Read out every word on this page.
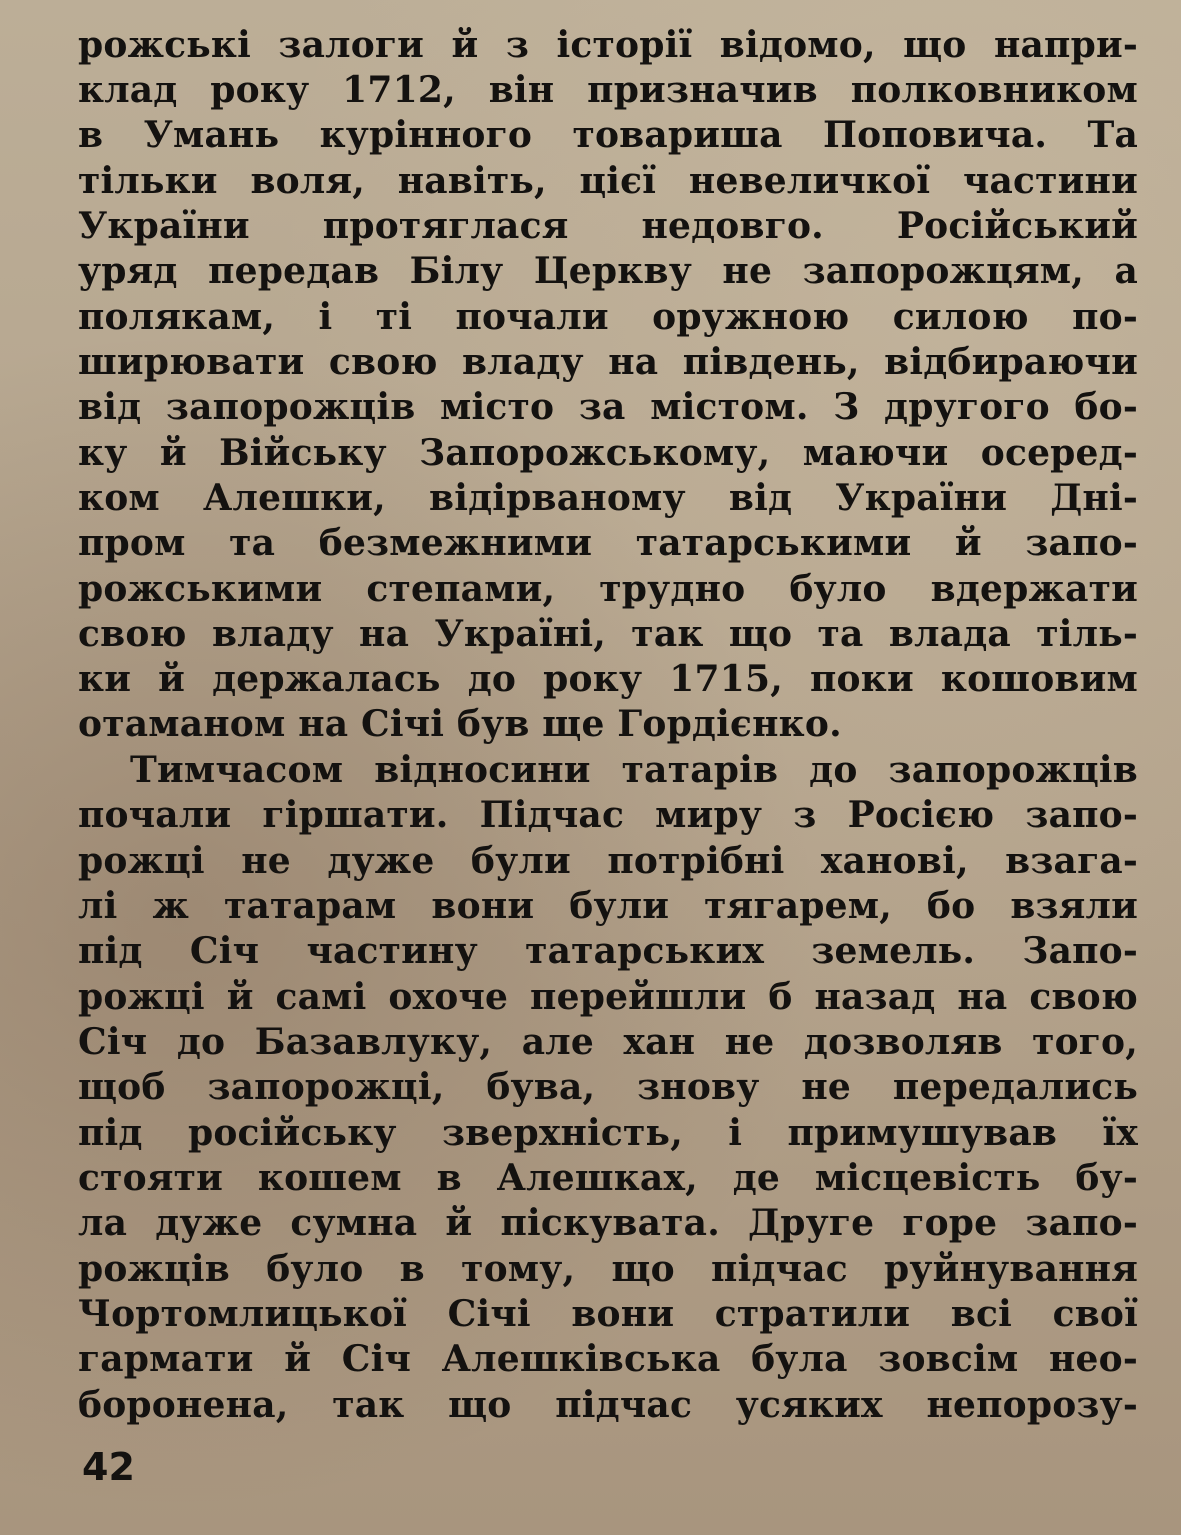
рожські залоги й з історії відомо, що напри-
клад року 1712, він призначив полковником
в Умань курінного товариша Поповича. Та
тільки воля, навіть, цієї невеличкої частини
України протяглася недовго. Російський
уряд передав Білу Церкву не запорожцям, а
полякам, і ті почали оружною силою по-
ширювати свою владу на південь, відбираючи
від запорожців місто за містом. З другого бо-
ку й Війську Запорожському, маючи осеред-
ком Алешки, відірваному від України Дні-
пром та безмежними татарськими й запо-
рожськими степами, трудно було вдержати
свою владу на Україні, так що та влада тіль-
ки й держалась до року 1715, поки кошовим
отаманом на Січі був ще Гордієнко.
Тимчасом відносини татарів до запорожців
почали гіршати. Підчас миру з Росією запо-
рожці не дуже були потрібні ханові, взага-
лі ж татарам вони були тягарем, бо взяли
під Січ частину татарських земель. Запо-
рожці й самі охоче перейшли б назад на свою
Січ до Базавлуку, але хан не дозволяв того,
щоб запорожці, бува, знову не передались
під російську зверхність, і примушував їх
стояти кошем в Алешках, де місцевість бу-
ла дуже сумна й піскувата. Друге горе запо-
рожців було в тому, що підчас руйнування
Чортомлицької Січі вони стратили всі свої
гармати й Січ Алешківська була зовсім нео-
боронена, так що підчас усяких непорозу-
42
